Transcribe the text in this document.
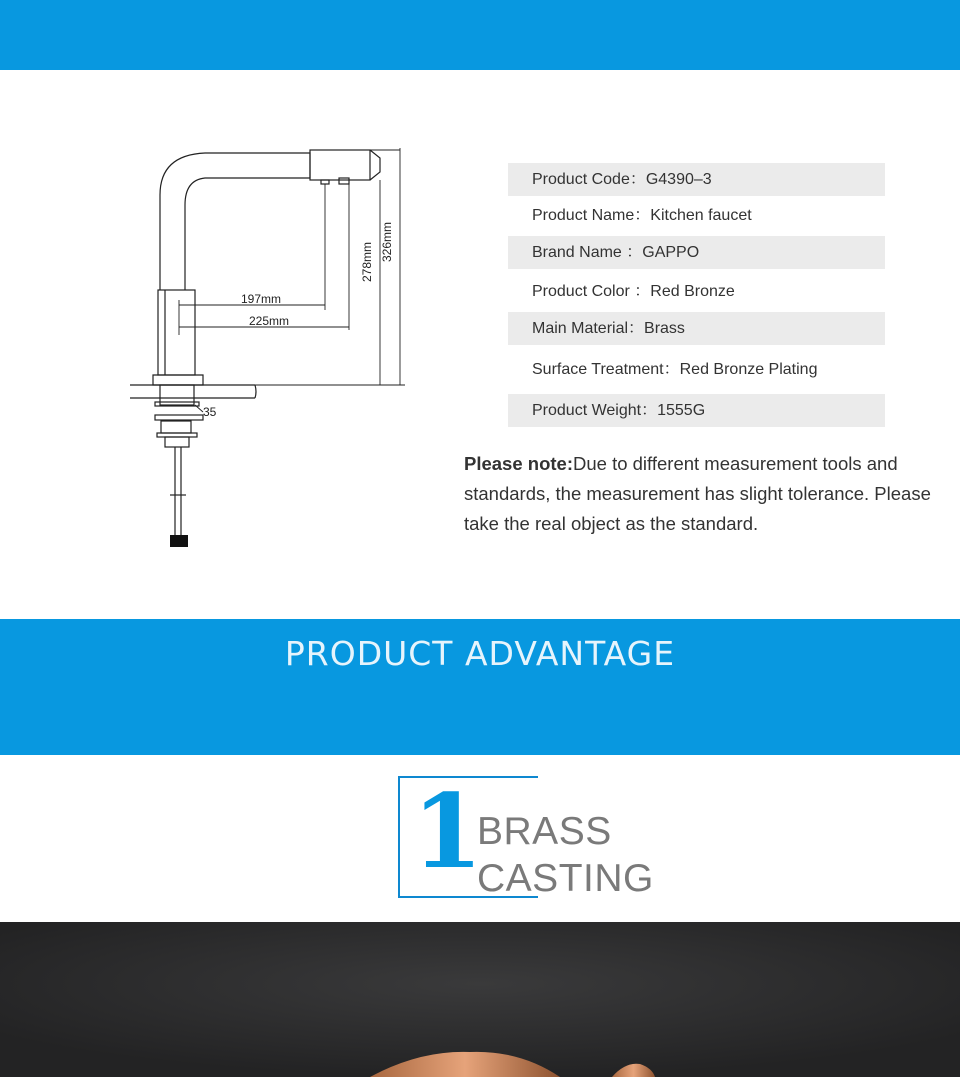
197mm
225mm
278mm 326mm
35
Product Code：G4390–3
Product Name：Kitchen faucet
Brand Name ：GAPPO
Product Color ：Red Bronze
Main Material：Brass
Surface Treatment：Red Bronze Plating
Product Weight：1555G
Please note:Due to different measurement tools and standards, the measurement has slight tolerance. Please take the real object as the standard.
PRODUCT ADVANTAGE
1
BRASS
CASTING
